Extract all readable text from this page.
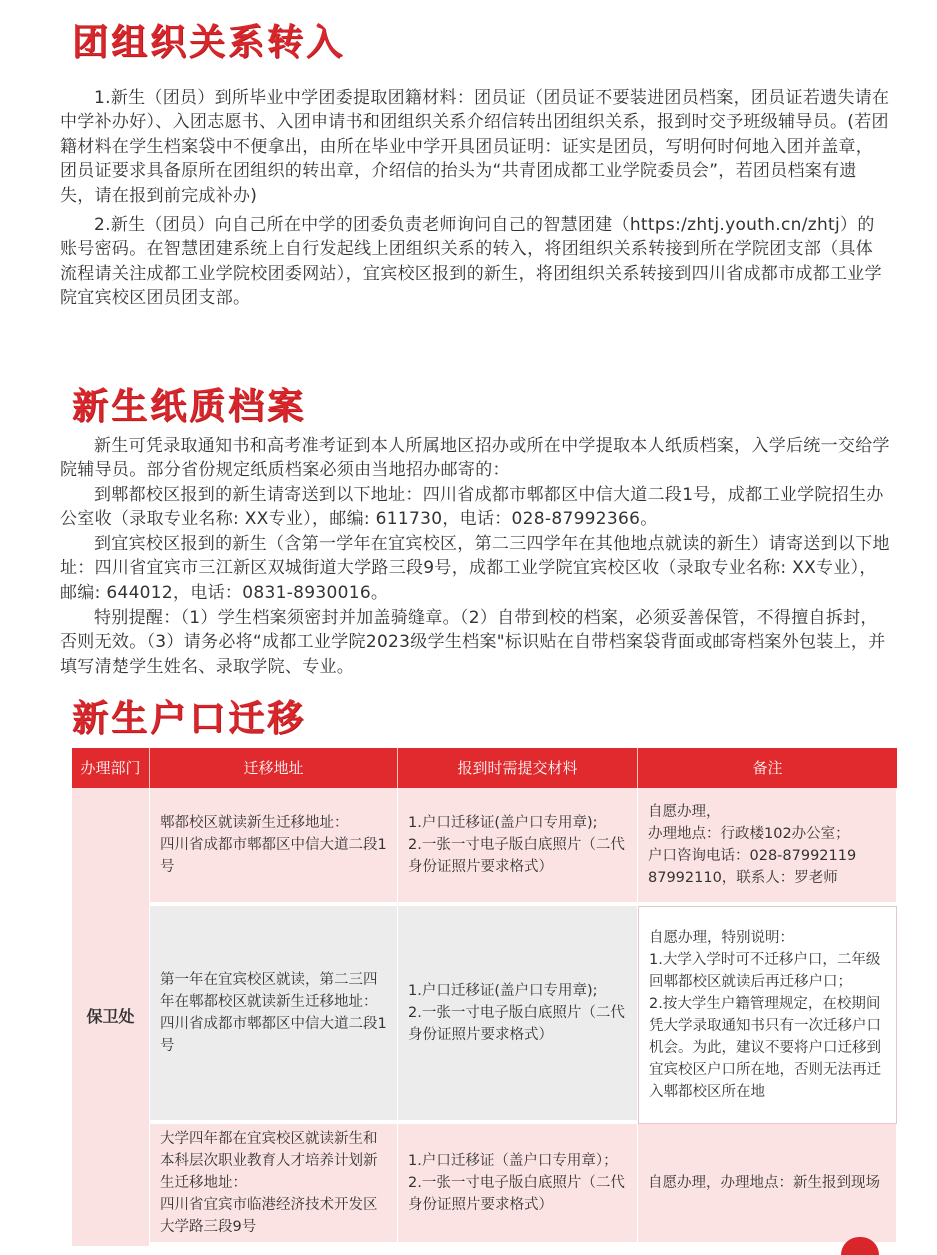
团组织关系转入

1.新生（团员）到所毕业中学团委提取团籍材料：团员证（团员证不要装进团员档案，团员证若遗失请在中学补办好）、入团志愿书、入团申请书和团组织关系介绍信转出团组织关系，报到时交予班级辅导员。(若团籍材料在学生档案袋中不便拿出，由所在毕业中学开具团员证明：证实是团员，写明何时何地入团并盖章，团员证要求具备原所在团组织的转出章，介绍信的抬头为“共青团成都工业学院委员会”，若团员档案有遗失，请在报到前完成补办)

2.新生（团员）向自己所在中学的团委负责老师询问自己的智慧团建（https:/zhtj.youth.cn/zhtj）的账号密码。在智慧团建系统上自行发起线上团组织关系的转入，将团组织关系转接到所在学院团支部（具体流程请关注成都工业学院校团委网站），宜宾校区报到的新生，将团组织关系转接到四川省成都市成都工业学院宜宾校区团员团支部。

新生纸质档案

新生可凭录取通知书和高考准考证到本人所属地区招办或所在中学提取本人纸质档案，入学后统一交给学院辅导员。部分省份规定纸质档案必须由当地招办邮寄的：

到郫都校区报到的新生请寄送到以下地址：四川省成都市郫都区中信大道二段1号，成都工业学院招生办公室收（录取专业名称: XX专业），邮编: 611730，电话：028-87992366。

到宜宾校区报到的新生（含第一学年在宜宾校区，第二三四学年在其他地点就读的新生）请寄送到以下地址：四川省宜宾市三江新区双城街道大学路三段9号，成都工业学院宜宾校区收（录取专业名称: XX专业），邮编: 644012，电话：0831-8930016。

特别提醒：（1）学生档案须密封并加盖骑缝章。（2）自带到校的档案，必须妥善保管，不得擅自拆封，否则无效。（3）请务必将“成都工业学院2023级学生档案"标识贴在自带档案袋背面或邮寄档案外包装上，并填写清楚学生姓名、录取学院、专业。

新生户口迁移
办理部门	迁移地址	报到时需提交材料	备注
保卫处	郫都校区就读新生迁移地址：
四川省成都市郫都区中信大道二段1号	1.户口迁移证(盖户口专用章);
2.一张一寸电子版白底照片（二代身份证照片要求格式）	自愿办理，
办理地点：行政楼102办公室；
户口咨询电话：028-87992119
87992110，联系人：罗老师

	第一年在宜宾校区就读，第二三四年在郫都校区就读新生迁移地址：
四川省成都市郫都区中信大道二段1号	1.户口迁移证(盖户口专用章);
2.一张一寸电子版白底照片（二代身份证照片要求格式）	自愿办理，特别说明：
1.大学入学时可不迁移户口，二年级回郫都校区就读后再迁移户口；
2.按大学生户籍管理规定，在校期间凭大学录取通知书只有一次迁移户口机会。为此，建议不要将户口迁移到宜宾校区户口所在地，否则无法再迁入郫都校区所在地

	大学四年都在宜宾校区就读新生和本科层次职业教育人才培养计划新生迁移地址：
四川省宜宾市临港经济技术开发区大学路三段9号	1.户口迁移证（盖户口专用章）；
2.一张一寸电子版白底照片（二代身份证照片要求格式）	自愿办理，办理地点：新生报到现场
